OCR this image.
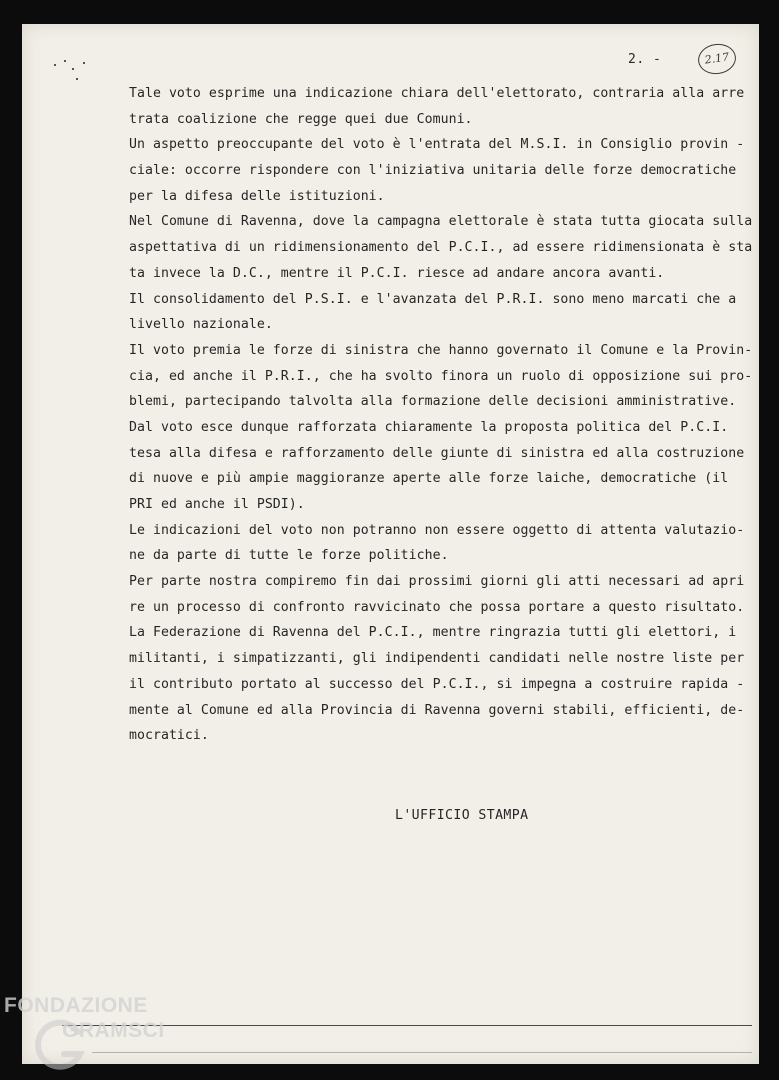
2. -	2.17
Tale voto esprime una indicazione chiara dell'elettorato, contraria alla arre
trata coalizione che regge quei due Comuni.
Un aspetto preoccupante del voto è l'entrata del M.S.I. in Consiglio provin -
ciale: occorre rispondere con l'iniziativa unitaria delle forze democratiche
per la difesa delle istituzioni.
Nel Comune di Ravenna, dove la campagna elettorale è stata tutta giocata sulla
aspettativa di un ridimensionamento del P.C.I., ad essere ridimensionata è sta
ta invece la D.C., mentre il P.C.I. riesce ad andare ancora avanti.
Il consolidamento del P.S.I. e l'avanzata del P.R.I. sono meno marcati che a
livello nazionale.
Il voto premia le forze di sinistra che hanno governato il Comune e la Provin-
cia, ed anche il P.R.I., che ha svolto finora un ruolo di opposizione sui pro-
blemi, partecipando talvolta alla formazione delle decisioni amministrative.
Dal voto esce dunque rafforzata chiaramente la proposta politica del P.C.I.
tesa alla difesa e rafforzamento delle giunte di sinistra ed alla costruzione
di nuove e più ampie maggioranze aperte alle forze laiche, democratiche (il
PRI ed anche il PSDI).
Le indicazioni del voto non potranno non essere oggetto di attenta valutazio-
ne da parte di tutte le forze politiche.
Per parte nostra compiremo fin dai prossimi giorni gli atti necessari ad apri
re un processo di confronto ravvicinato che possa portare a questo risultato.
La Federazione di Ravenna del P.C.I., mentre ringrazia tutti gli elettori, i
militanti, i simpatizzanti, gli indipendenti candidati nelle nostre liste per
il contributo portato al successo del P.C.I., si impegna a costruire rapida -
mente al Comune ed alla Provincia di Ravenna governi stabili, efficienti, de-
mocratici.
L'UFFICIO STAMPA
FONDAZIONE
GRAMSCI
